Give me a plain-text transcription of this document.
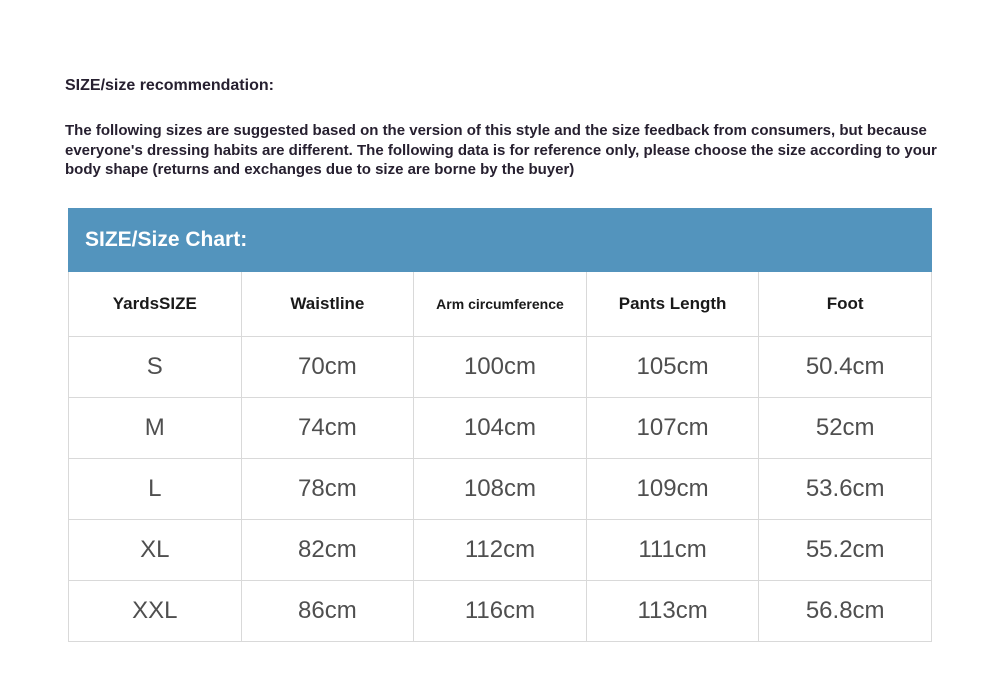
SIZE/size recommendation:
The following sizes are suggested based on the version of this style and the size feedback from consumers, but because everyone's dressing habits are different. The following data is for reference only, please choose the size according to your body shape (returns and exchanges due to size are borne by the buyer)
SIZE/Size Chart:
YardsSIZE	Waistline	Arm circumference	Pants Length	Foot
S	70cm	100cm	105cm	50.4cm
M	74cm	104cm	107cm	52cm
L	78cm	108cm	109cm	53.6cm
XL	82cm	112cm	111cm	55.2cm
XXL	86cm	116cm	113cm	56.8cm
